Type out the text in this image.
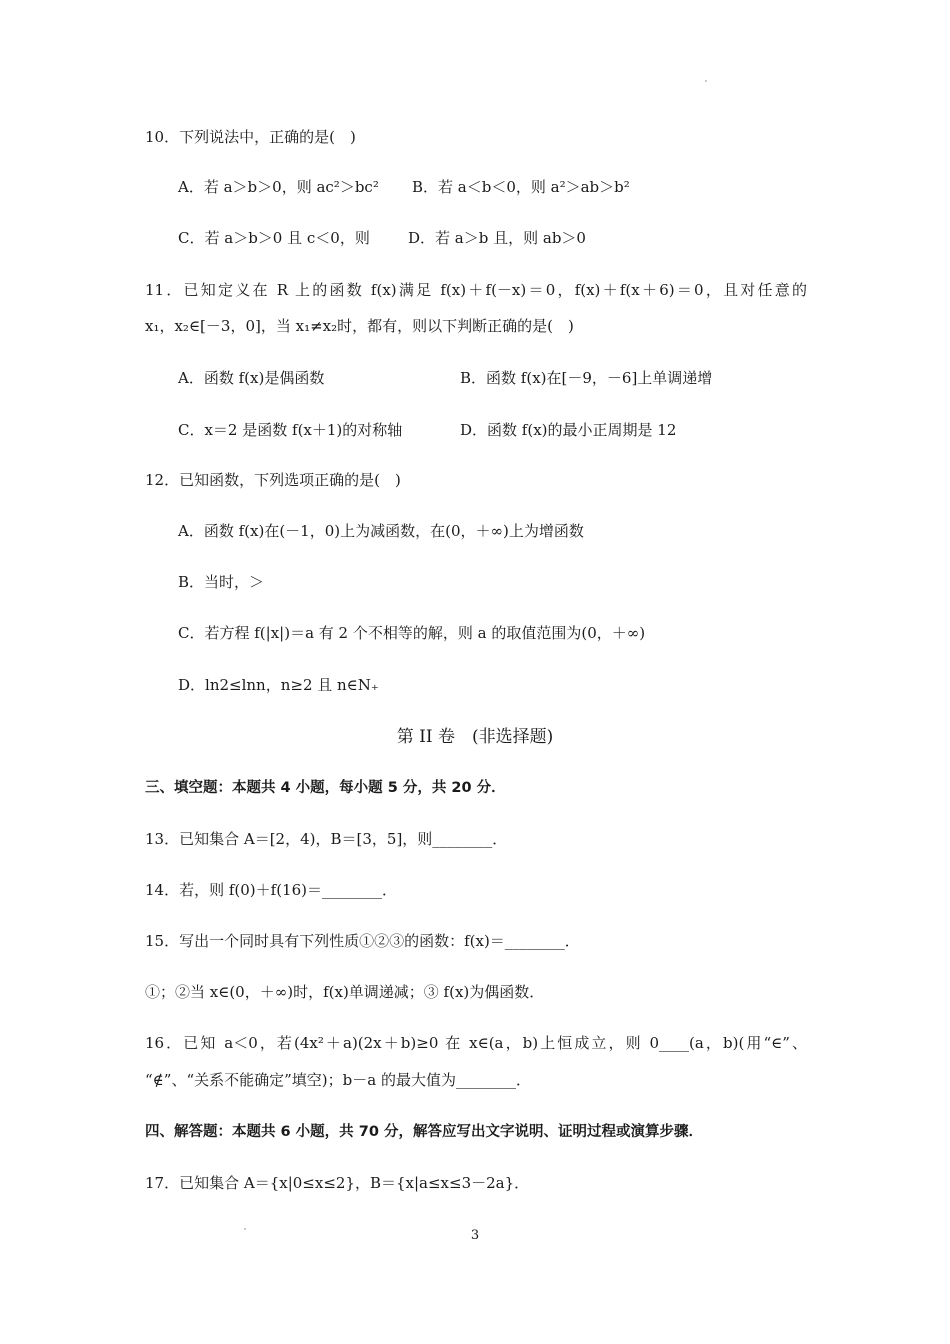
10．下列说法中，正确的是(　)
A．若 a＞b＞0，则 ac²＞bc² B．若 a＜b＜0，则 a²＞ab＞b²
C．若 a＞b＞0 且 c＜0，则	D．若 a＞b 且，则 ab＞0
11．已知定义在 R 上的函数 f(x)满足 f(x)＋f(－x)＝0，f(x)＋f(x＋6)＝0，且对任意的
x₁，x₂∈[－3，0]，当 x₁≠x₂时，都有，则以下判断正确的是(　)
A．函数 f(x)是偶函数	B．函数 f(x)在[－9，－6]上单调递增
C．x＝2 是函数 f(x＋1)的对称轴	D．函数 f(x)的最小正周期是 12
12．已知函数，下列选项正确的是(　)
A．函数 f(x)在(－1，0)上为减函数，在(0，＋∞)上为增函数
B．当时，＞
C．若方程 f(|x|)＝a 有 2 个不相等的解，则 a 的取值范围为(0，＋∞)
D．ln2≤lnn，n≥2 且 n∈N₊
第 II 卷　(非选择题)
三、填空题：本题共 4 小题，每小题 5 分，共 20 分．
13．已知集合 A＝[2，4)，B＝[3，5]，则________．
14．若，则 f(0)＋f(16)＝________．
15．写出一个同时具有下列性质①②③的函数：f(x)＝________．
①；②当 x∈(0，＋∞)时，f(x)单调递减；③ f(x)为偶函数．
16．已知 a＜0，若(4x²＋a)(2x＋b)≥0 在 x∈(a，b)上恒成立，则 0____(a，b)(用“∈”、
“∉”、“关系不能确定”填空)；b－a 的最大值为________．
四、解答题：本题共 6 小题，共 70 分，解答应写出文字说明、证明过程或演算步骤．
17．已知集合 A＝{x|0≤x≤2}，B＝{x|a≤x≤3－2a}．
3
